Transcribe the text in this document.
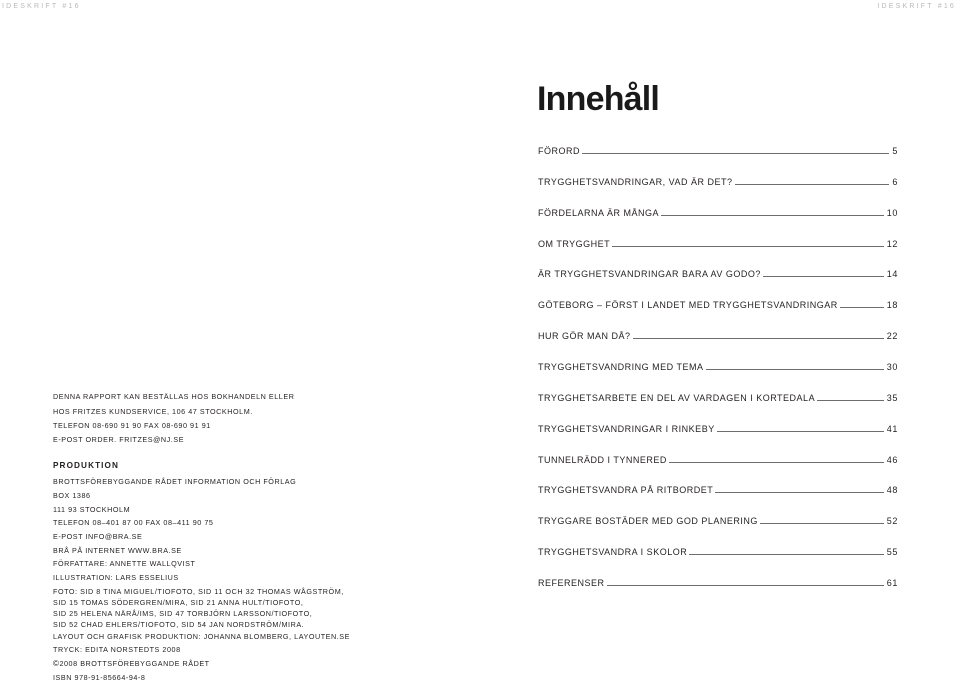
IDESKRIFT #16	IDESKRIFT #16
Innehåll
FÖRORD	5
TRYGGHETSVANDRINGAR, VAD ÄR DET?	6
FÖRDELARNA ÄR MÅNGA	10
OM TRYGGHET	12
ÄR TRYGGHETSVANDRINGAR BARA AV GODO?	14
GÖTEBORG – FÖRST I LANDET MED TRYGGHETSVANDRINGAR	18
HUR GÖR MAN DÅ?	22
TRYGGHETSVANDRING MED TEMA	30
TRYGGHETSARBETE EN DEL AV VARDAGEN I KORTEDALA	35
TRYGGHETSVANDRINGAR I RINKEBY	41
TUNNELRÄDD I TYNNERED	46
TRYGGHETSVANDRA PÅ RITBORDET	48
TRYGGARE BOSTÄDER MED GOD PLANERING	52
TRYGGHETSVANDRA I SKOLOR	55
REFERENSER	61
DENNA RAPPORT KAN BESTÄLLAS HOS BOKHANDELN ELLER
HOS FRITZES KUNDSERVICE, 106 47 STOCKHOLM.
TELEFON 08-690 91 90 FAX 08-690 91 91
E-POST ORDER. FRITZES@NJ.SE
PRODUKTION
BROTTSFÖREBYGGANDE RÅDET INFORMATION OCH FÖRLAG
BOX 1386
111 93 STOCKHOLM
TELEFON 08–401 87 00 FAX 08–411 90 75
E-POST INFO@BRA.SE
BRÅ PÅ INTERNET WWW.BRA.SE
FÖRFATTARE: ANNETTE WALLQVIST
ILLUSTRATION: LARS ESSELIUS
FOTO: SID 8 TINA MIGUEL/TIOFOTO, SID 11 OCH 32 THOMAS WÅGSTRÖM,
SID 15 TOMAS SÖDERGREN/MIRA, SID 21 ANNA HULT/TIOFOTO,
SID 25 HELENA NÄRÅ/IMS, SID 47 TORBJÖRN LARSSON/TIOFOTO,
SID 52 CHAD EHLERS/TIOFOTO, SID 54 JAN NORDSTRÖM/MIRA.
LAYOUT OCH GRAFISK PRODUKTION: JOHANNA BLOMBERG, LAYOUTEN.SE
TRYCK: EDITA NORSTEDTS 2008
©2008 BROTTSFÖREBYGGANDE RÅDET
ISBN 978-91-85664-94-8
